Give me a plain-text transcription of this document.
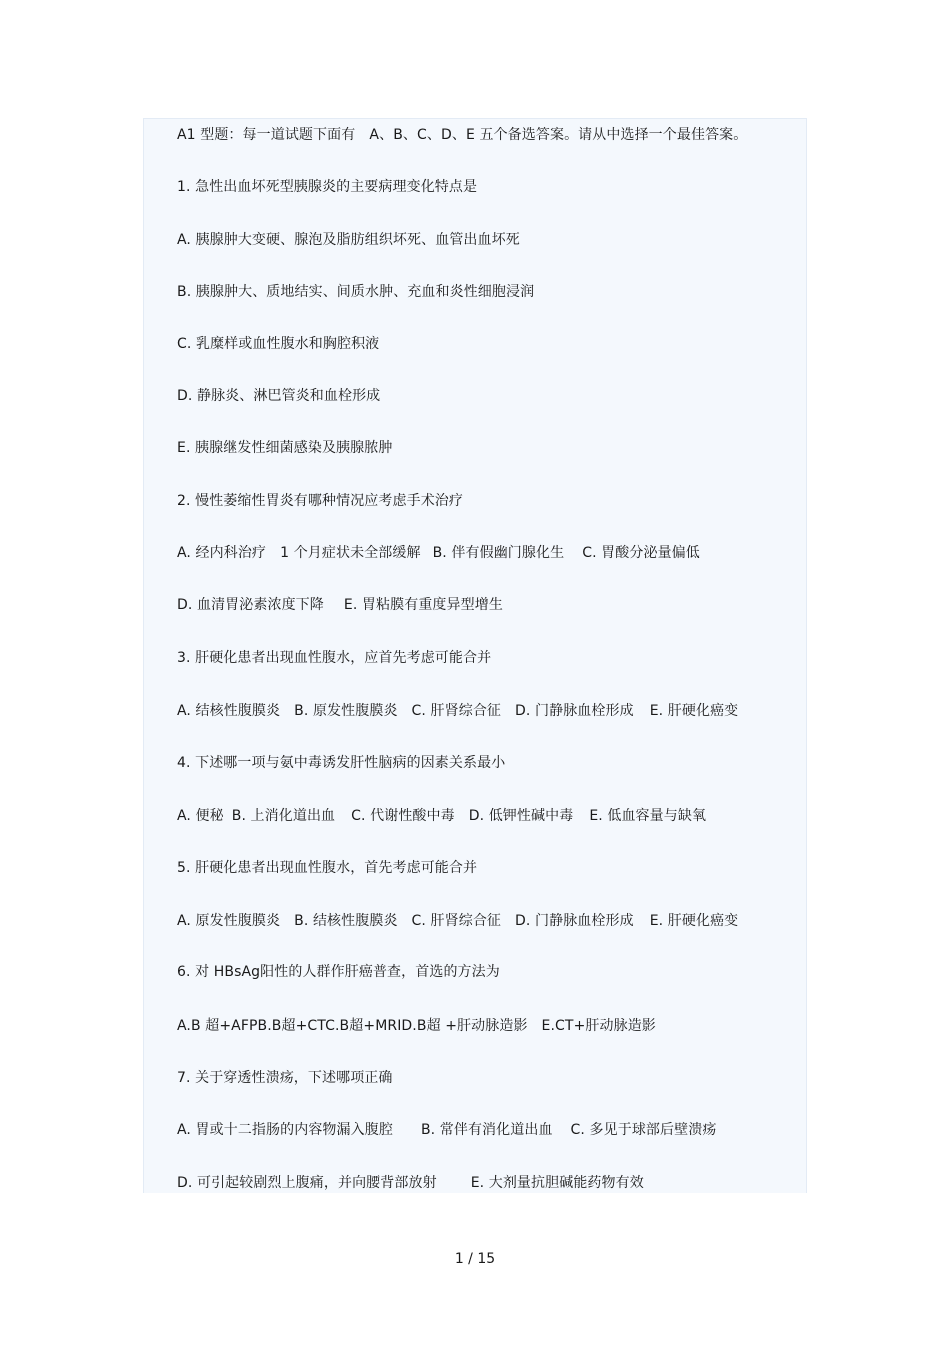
A1 型题：每一道试题下面有　A、B、C、D、E 五个备选答案。请从中选择一个最佳答案。
1. 急性出血坏死型胰腺炎的主要病理变化特点是
A. 胰腺肿大变硬、腺泡及脂肪组织坏死、血管出血坏死
B. 胰腺肿大、质地结实、间质水肿、充血和炎性细胞浸润
C. 乳糜样或血性腹水和胸腔积液
D. 静脉炎、淋巴管炎和血栓形成
E. 胰腺继发性细菌感染及胰腺脓肿
2. 慢性萎缩性胃炎有哪种情况应考虑手术治疗
A. 经内科治疗　1 个月症状未全部缓解 B. 伴有假幽门腺化生 C. 胃酸分泌量偏低
D. 血清胃泌素浓度下降 E. 胃粘膜有重度异型增生
3. 肝硬化患者出现血性腹水，应首先考虑可能合并
A. 结核性腹膜炎 B. 原发性腹膜炎 C. 肝肾综合征 D. 门静脉血栓形成 E. 肝硬化癌变
4. 下述哪一项与氨中毒诱发肝性脑病的因素关系最小
A. 便秘 B. 上消化道出血 C. 代谢性酸中毒 D. 低钾性碱中毒 E. 低血容量与缺氧
5. 肝硬化患者出现血性腹水，首先考虑可能合并
A. 原发性腹膜炎 B. 结核性腹膜炎 C. 肝肾综合征 D. 门静脉血栓形成 E. 肝硬化癌变
6. 对 HBsAg阳性的人群作肝癌普查，首选的方法为
A.B 超+AFPB.B超+CTC.B超+MRID.B超 +肝动脉造影 E.CT+肝动脉造影
7. 关于穿透性溃疡，下述哪项正确
A. 胃或十二指肠的内容物漏入腹腔 B. 常伴有消化道出血 C. 多见于球部后壁溃疡
D. 可引起较剧烈上腹痛，并向腰背部放射 E. 大剂量抗胆碱能药物有效
1 / 15
